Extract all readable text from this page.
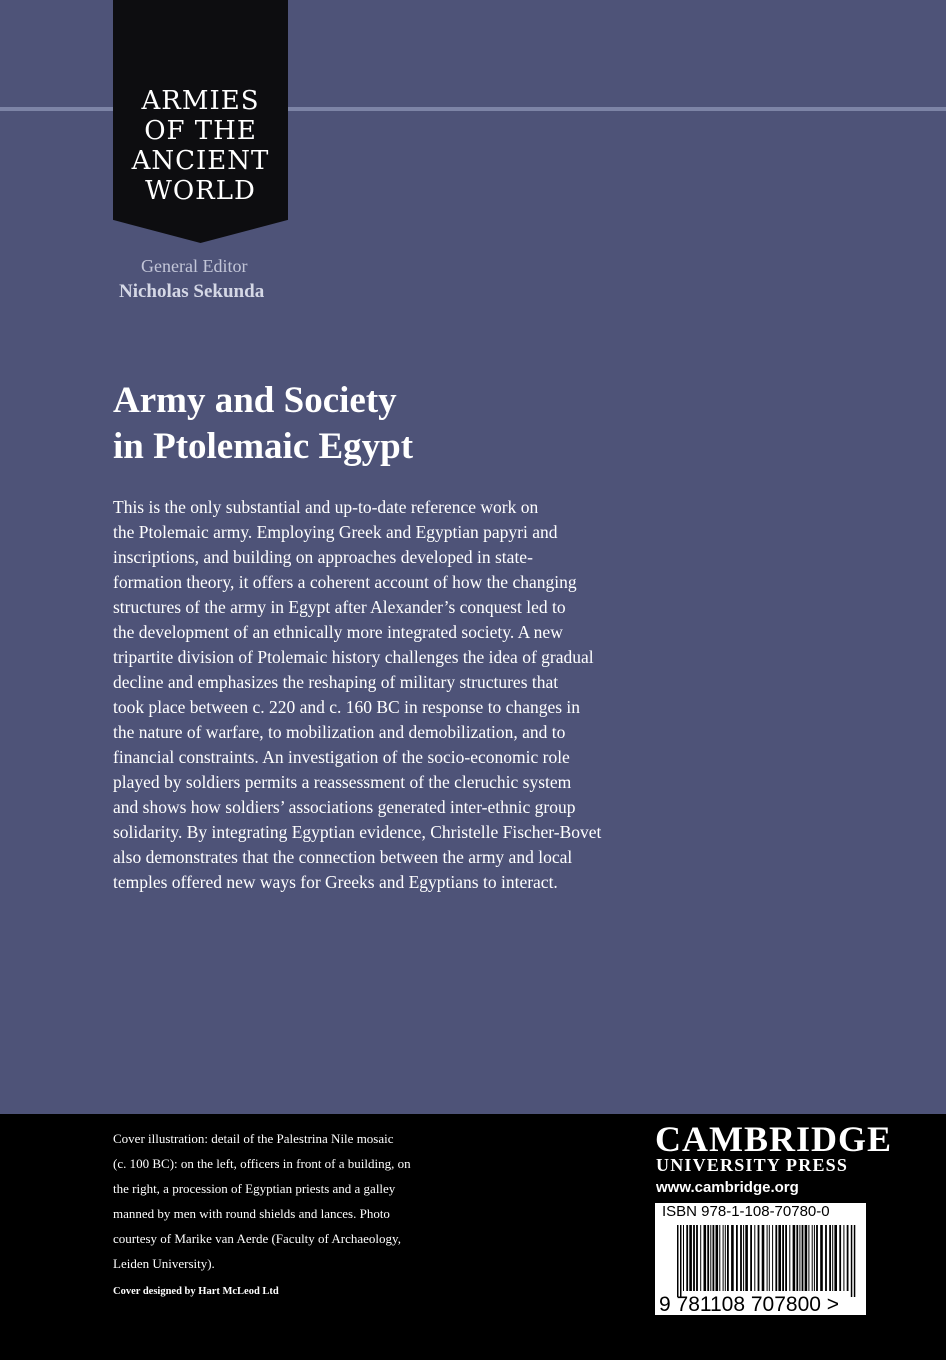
ARMIES
OF THE
ANCIENT
WORLD
General Editor
Nicholas Sekunda
Army and Society
in Ptolemaic Egypt
This is the only substantial and up-to-date reference work on
the Ptolemaic army. Employing Greek and Egyptian papyri and
inscriptions, and building on approaches developed in state-
formation theory, it offers a coherent account of how the changing
structures of the army in Egypt after Alexander’s conquest led to
the development of an ethnically more integrated society. A new
tripartite division of Ptolemaic history challenges the idea of gradual
decline and emphasizes the reshaping of military structures that
took place between c. 220 and c. 160 BC in response to changes in
the nature of warfare, to mobilization and demobilization, and to
financial constraints. An investigation of the socio-economic role
played by soldiers permits a reassessment of the cleruchic system
and shows how soldiers’ associations generated inter-ethnic group
solidarity. By integrating Egyptian evidence, Christelle Fischer-Bovet
also demonstrates that the connection between the army and local
temples offered new ways for Greeks and Egyptians to interact.
Cover illustration: detail of the Palestrina Nile mosaic
(c. 100 BC): on the left, officers in front of a building, on
the right, a procession of Egyptian priests and a galley
manned by men with round shields and lances. Photo
courtesy of Marike van Aerde (Faculty of Archaeology,
Leiden University).
Cover designed by Hart McLeod Ltd
CAMBRIDGE
UNIVERSITY PRESS
www.cambridge.org
ISBN 978-1-108-70780-0
9 781108 707800 >
